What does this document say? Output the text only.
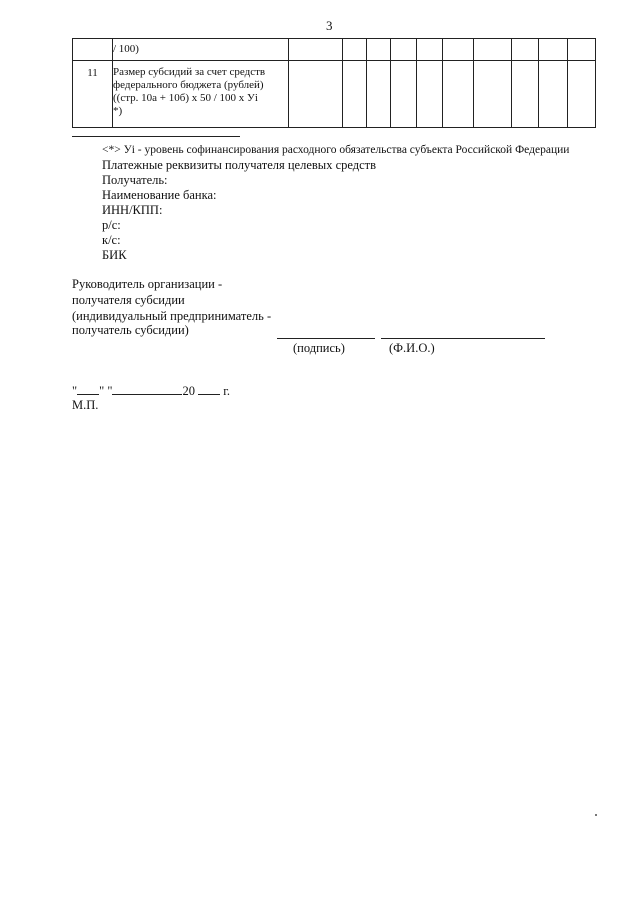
3
	/ 100)										
11	Размер субсидий за счет средств
федерального бюджета (рублей)
((стр. 10а + 10б) x 50 / 100 x Уi
*)										

<*> Уi - уровень софинансирования расходного обязательства субъекта Российской Федерации
Платежные реквизиты получателя целевых средств
Получатель:
Наименование банка:
ИНН/КПП:
р/с:
к/с:
БИК
Руководитель организации -
получателя субсидии
(индивидуальный предприниматель -
получатель субсидии)
(подпись)	(Ф.И.О.)
" " "	20 г.
М.П.
